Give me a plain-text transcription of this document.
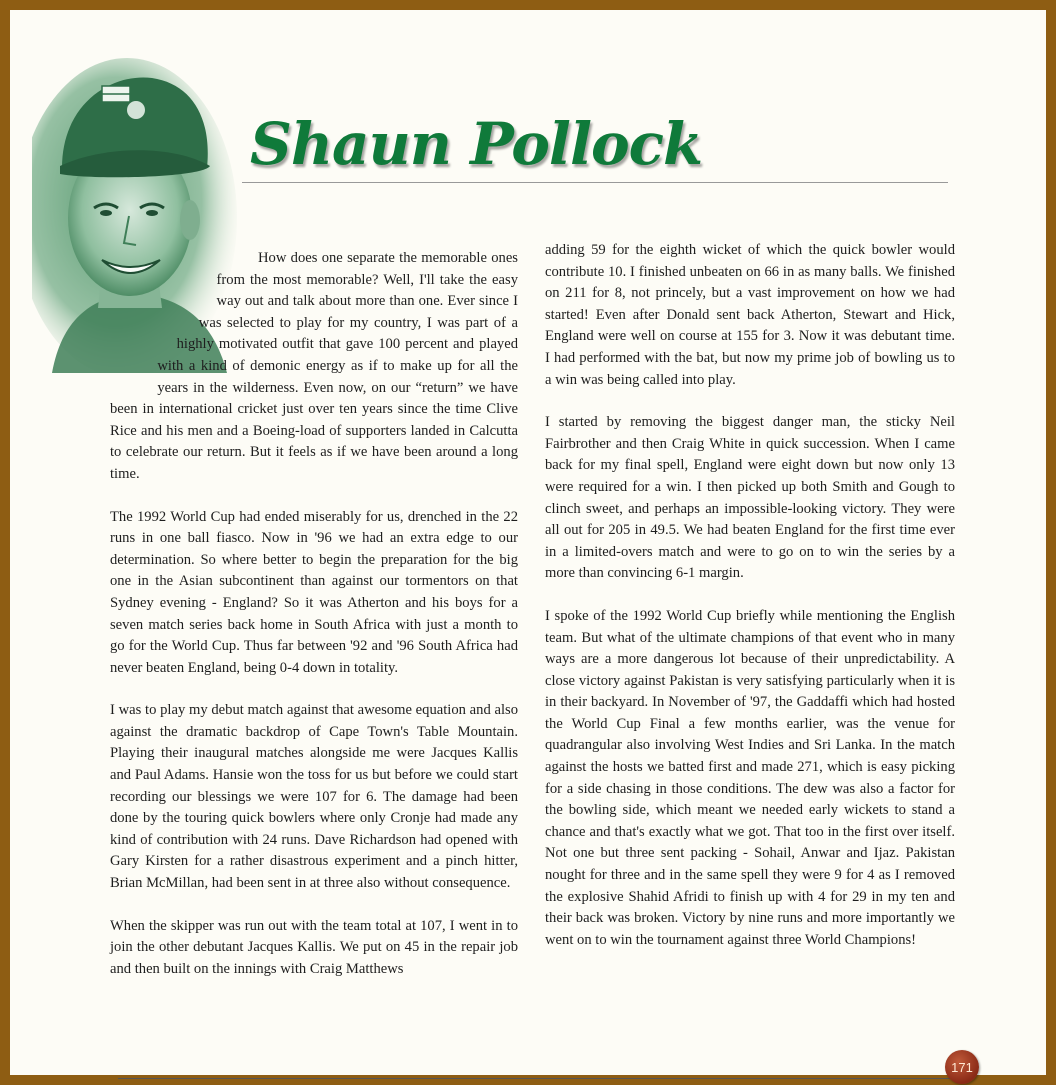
Shaun Pollock

How does one separate the memorable ones from the most memorable? Well, I'll take the easy way out and talk about more than one. Ever since I was selected to play for my country, I was part of a highly motivated outfit that gave 100 percent and played with a kind of demonic energy as if to make up for all the years in the wilderness. Even now, on our “return” we have been in international cricket just over ten years since the time Clive Rice and his men and a Boeing-load of supporters landed in Calcutta to celebrate our return. But it feels as if we have been around a long time.

The 1992 World Cup had ended miserably for us, drenched in the 22 runs in one ball fiasco. Now in '96 we had an extra edge to our determination. So where better to begin the preparation for the big one in the Asian subcontinent than against our tormentors on that Sydney evening - England? So it was Atherton and his boys for a seven match series back home in South Africa with just a month to go for the World Cup. Thus far between '92 and '96 South Africa had never beaten England, being 0-4 down in totality.

I was to play my debut match against that awesome equation and also against the dramatic backdrop of Cape Town's Table Mountain. Playing their inaugural matches alongside me were Jacques Kallis and Paul Adams. Hansie won the toss for us but before we could start recording our blessings we were 107 for 6. The damage had been done by the touring quick bowlers where only Cronje had made any kind of contribution with 24 runs. Dave Richardson had opened with Gary Kirsten for a rather disastrous experiment and a pinch hitter, Brian McMillan, had been sent in at three also without consequence.

When the skipper was run out with the team total at 107, I went in to join the other debutant Jacques Kallis. We put on 45 in the repair job and then built on the innings with Craig Matthews

adding 59 for the eighth wicket of which the quick bowler would contribute 10. I finished unbeaten on 66 in as many balls. We finished on 211 for 8, not princely, but a vast improvement on how we had started! Even after Donald sent back Atherton, Stewart and Hick, England were well on course at 155 for 3. Now it was debutant time. I had performed with the bat, but now my prime job of bowling us to a win was being called into play.

I started by removing the biggest danger man, the sticky Neil Fairbrother and then Craig White in quick succession. When I came back for my final spell, England were eight down but now only 13 were required for a win. I then picked up both Smith and Gough to clinch sweet, and perhaps an impossible-looking victory. They were all out for 205 in 49.5. We had beaten England for the first time ever in a limited-overs match and were to go on to win the series by a more than convincing 6-1 margin.

I spoke of the 1992 World Cup briefly while mentioning the English team. But what of the ultimate champions of that event who in many ways are a more dangerous lot because of their unpredictability. A close victory against Pakistan is very satisfying particularly when it is in their backyard. In November of '97, the Gaddaffi which had hosted the World Cup Final a few months earlier, was the venue for quadrangular also involving West Indies and Sri Lanka. In the match against the hosts we batted first and made 271, which is easy picking for a side chasing in those conditions. The dew was also a factor for the bowling side, which meant we needed early wickets to stand a chance and that's exactly what we got. That too in the first over itself. Not one but three sent packing - Sohail, Anwar and Ijaz. Pakistan nought for three and in the same spell they were 9 for 4 as I removed the explosive Shahid Afridi to finish up with 4 for 29 in my ten and their back was broken. Victory by nine runs and more importantly we went on to win the tournament against three World Champions!

171
